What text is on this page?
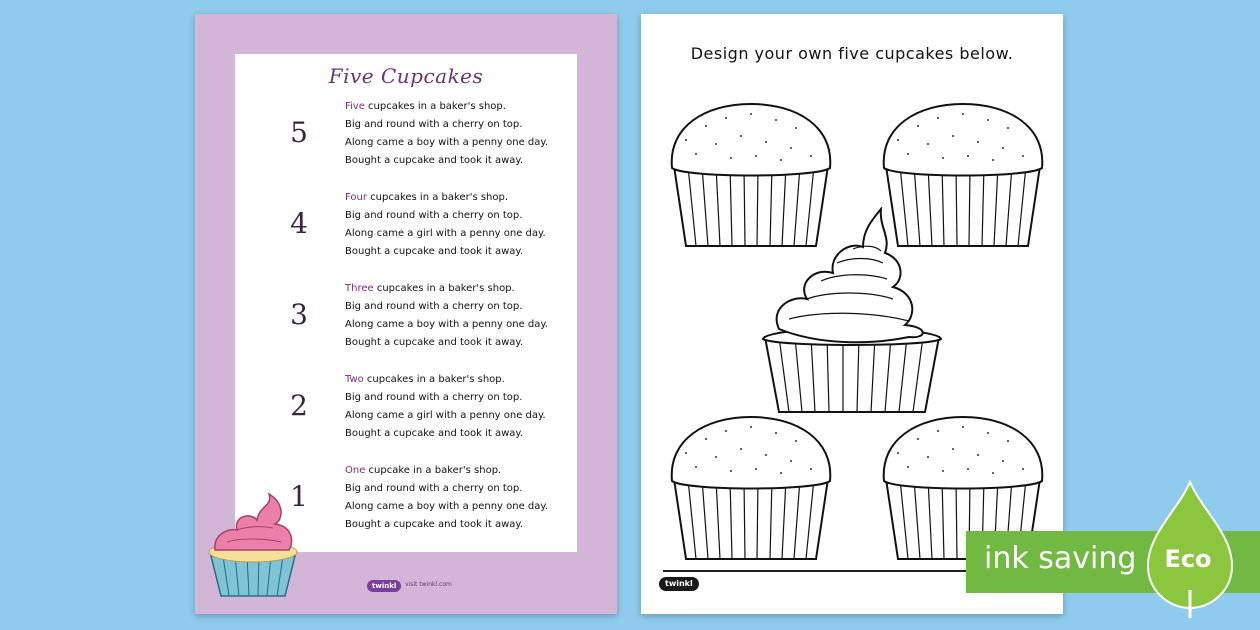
Five Cupcakes
5
Five cupcakes in a baker's shop.
Big and round with a cherry on top.
Along came a boy with a penny one day.
Bought a cupcake and took it away.
4
Four cupcakes in a baker's shop.
Big and round with a cherry on top.
Along came a girl with a penny one day.
Bought a cupcake and took it away.
3
Three cupcakes in a baker's shop.
Big and round with a cherry on top.
Along came a boy with a penny one day.
Bought a cupcake and took it away.
2
Two cupcakes in a baker's shop.
Big and round with a cherry on top.
Along came a girl with a penny one day.
Bought a cupcake and took it away.
1
One cupcake in a baker's shop.
Big and round with a cherry on top.
Along came a boy with a penny one day.
Bought a cupcake and took it away.
twinkl	visit twinkl.com
Design your own five cupcakes below.
twinkl
ink saving Eco
